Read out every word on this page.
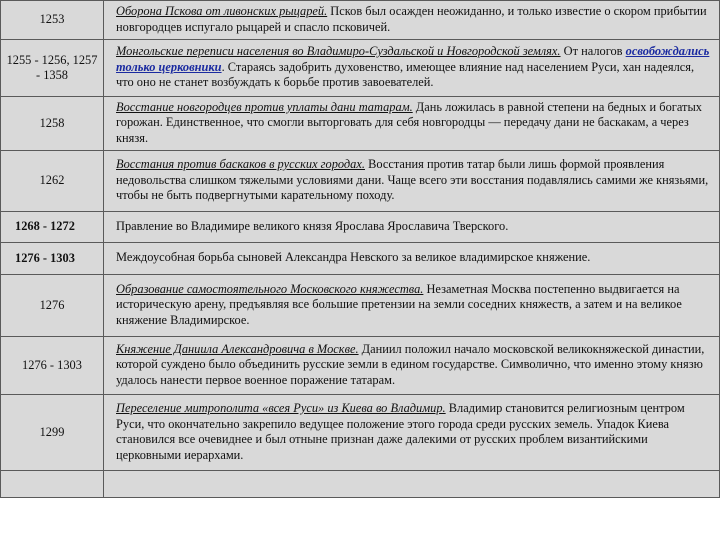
1253	Оборона Пскова от ливонских рыцарей. Псков был осажден неожиданно, и только известие о скором прибытии новгородцев испугало рыцарей и спасло псковичей.
1255 - 1256, 1257 - 1358	Монгольские переписи населения во Владимиро-Суздальской и Новгородской землях. От налогов освобождались только церковники. Стараясь задобрить духовенство, имеющее влияние над населением Руси, хан надеялся, что оно не станет возбуждать к борьбе против завоевателей.
1258	Восстание новгородцев против уплаты дани татарам. Дань ложилась в равной степени на бедных и богатых горожан. Единственное, что смогли выторговать для себя новгородцы — передачу дани не баскакам, а через князя.
1262	Восстания против баскаков в русских городах. Восстания против татар были лишь формой проявления недовольства слишком тяжелыми условиями дани. Чаще всего эти восстания подавлялись самими же князьями, чтобы не быть подвергнутыми карательному походу.
1268 - 1272	Правление во Владимире великого князя Ярослава Ярославича Тверского.
1276 - 1303	Междоусобная борьба сыновей Александра Невского за великое владимирское княжение.
1276	Образование самостоятельного Московского княжества. Незаметная Москва постепенно выдвигается на историческую арену, предъявляя все большие претензии на земли соседних княжеств, а затем и на великое княжение Владимирское.
1276 - 1303	Княжение Даниила Александровича в Москве. Даниил положил начало московской великокняжеской династии, которой суждено было объединить русские земли в едином государстве. Символично, что именно этому князю удалось нанести первое военное поражение татарам.
1299	Переселение митрополита «всея Руси» из Киева во Владимир. Владимир становится религиозным центром Руси, что окончательно закрепило ведущее положение этого города среди русских земель. Упадок Киева становился все очевиднее и был отныне признан даже далекими от русских проблем византийскими церковными иерархами.
